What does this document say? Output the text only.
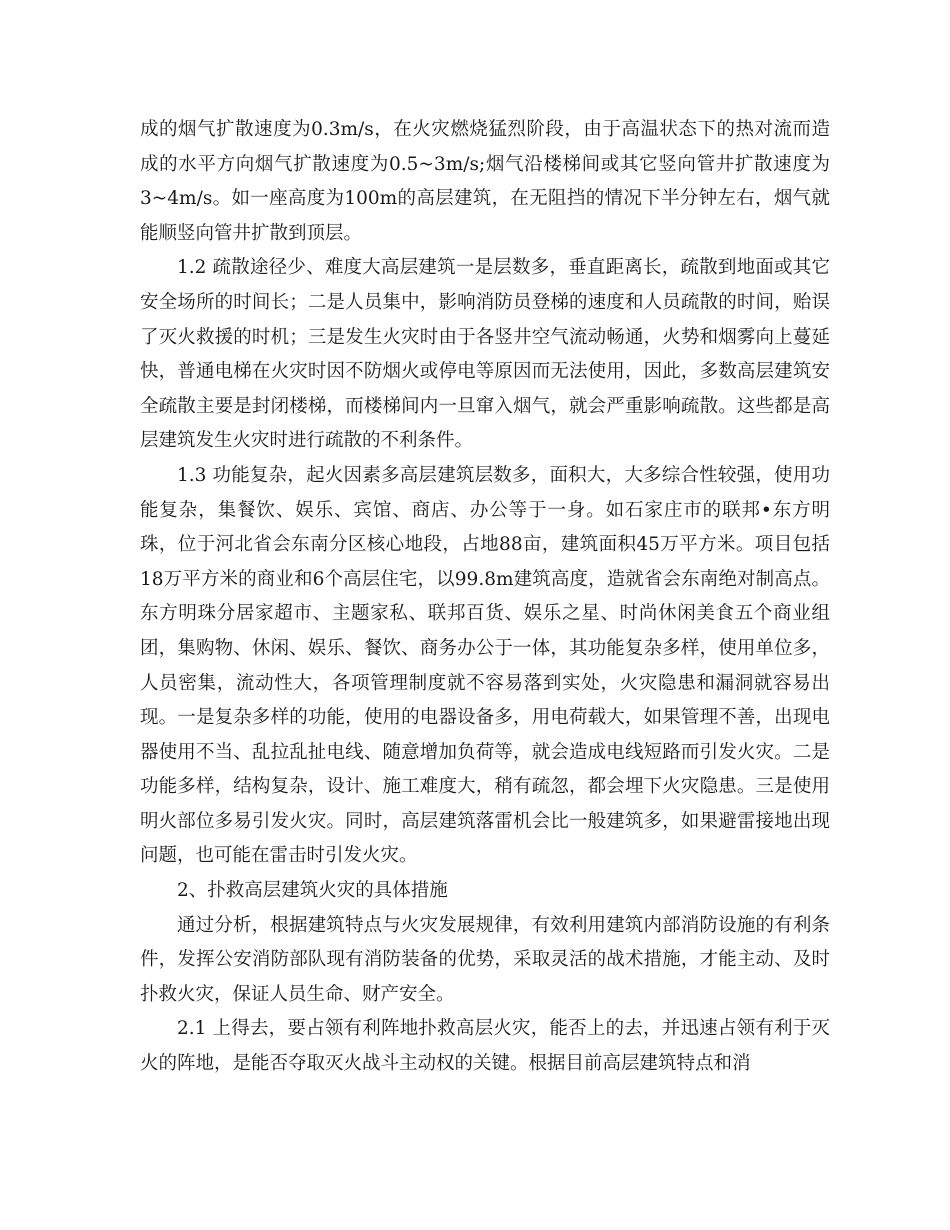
成的烟气扩散速度为0.3m/s，在火灾燃烧猛烈阶段，由于高温状态下的热对流而造成的水平方向烟气扩散速度为0.5~3m/s;烟气沿楼梯间或其它竖向管井扩散速度为3~4m/s。如一座高度为100m的高层建筑，在无阻挡的情况下半分钟左右，烟气就能顺竖向管井扩散到顶层。

1.2 疏散途径少、难度大高层建筑一是层数多，垂直距离长，疏散到地面或其它安全场所的时间长；二是人员集中，影响消防员登梯的速度和人员疏散的时间，贻误了灭火救援的时机；三是发生火灾时由于各竖井空气流动畅通，火势和烟雾向上蔓延快，普通电梯在火灾时因不防烟火或停电等原因而无法使用，因此，多数高层建筑安全疏散主要是封闭楼梯，而楼梯间内一旦窜入烟气，就会严重影响疏散。这些都是高层建筑发生火灾时进行疏散的不利条件。

1.3 功能复杂，起火因素多高层建筑层数多，面积大，大多综合性较强，使用功能复杂，集餐饮、娱乐、宾馆、商店、办公等于一身。如石家庄市的联邦•东方明珠，位于河北省会东南分区核心地段，占地88亩，建筑面积45万平方米。项目包括18万平方米的商业和6个高层住宅，以99.8m建筑高度，造就省会东南绝对制高点。东方明珠分居家超市、主题家私、联邦百货、娱乐之星、时尚休闲美食五个商业组团，集购物、休闲、娱乐、餐饮、商务办公于一体，其功能复杂多样，使用单位多，人员密集，流动性大，各项管理制度就不容易落到实处，火灾隐患和漏洞就容易出现。一是复杂多样的功能，使用的电器设备多，用电荷载大，如果管理不善，出现电器使用不当、乱拉乱扯电线、随意增加负荷等，就会造成电线短路而引发火灾。二是功能多样，结构复杂，设计、施工难度大，稍有疏忽，都会埋下火灾隐患。三是使用明火部位多易引发火灾。同时，高层建筑落雷机会比一般建筑多，如果避雷接地出现问题，也可能在雷击时引发火灾。

2、扑救高层建筑火灾的具体措施

通过分析，根据建筑特点与火灾发展规律，有效利用建筑内部消防设施的有利条件，发挥公安消防部队现有消防装备的优势，采取灵活的战术措施，才能主动、及时扑救火灾，保证人员生命、财产安全。

2.1 上得去，要占领有利阵地扑救高层火灾，能否上的去，并迅速占领有利于灭火的阵地，是能否夺取灭火战斗主动权的关键。根据目前高层建筑特点和消
